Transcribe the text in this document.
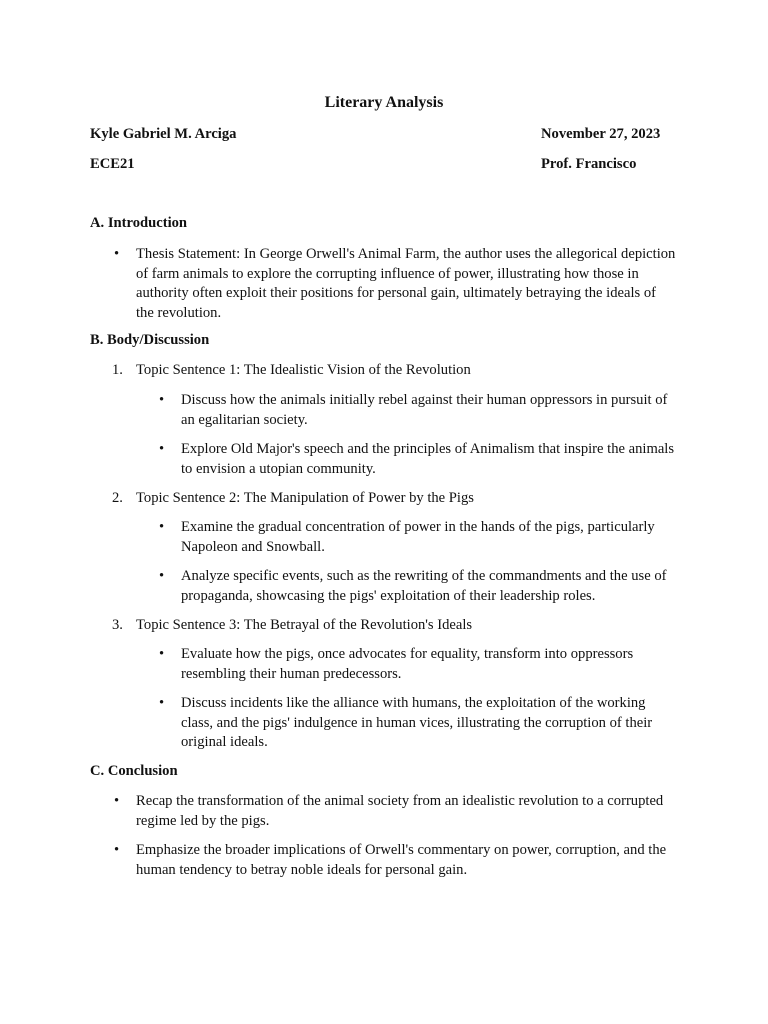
Literary Analysis
Kyle Gabriel M. Arciga	November 27, 2023
ECE21	Prof. Francisco
A. Introduction
• Thesis Statement: In George Orwell's Animal Farm, the author uses the allegorical depiction of farm animals to explore the corrupting influence of power, illustrating how those in authority often exploit their positions for personal gain, ultimately betraying the ideals of the revolution.
B. Body/Discussion
1. Topic Sentence 1: The Idealistic Vision of the Revolution
• Discuss how the animals initially rebel against their human oppressors in pursuit of an egalitarian society.
• Explore Old Major's speech and the principles of Animalism that inspire the animals to envision a utopian community.
2. Topic Sentence 2: The Manipulation of Power by the Pigs
• Examine the gradual concentration of power in the hands of the pigs, particularly Napoleon and Snowball.
• Analyze specific events, such as the rewriting of the commandments and the use of propaganda, showcasing the pigs' exploitation of their leadership roles.
3. Topic Sentence 3: The Betrayal of the Revolution's Ideals
• Evaluate how the pigs, once advocates for equality, transform into oppressors resembling their human predecessors.
• Discuss incidents like the alliance with humans, the exploitation of the working class, and the pigs' indulgence in human vices, illustrating the corruption of their original ideals.
C. Conclusion
• Recap the transformation of the animal society from an idealistic revolution to a corrupted regime led by the pigs.
• Emphasize the broader implications of Orwell's commentary on power, corruption, and the human tendency to betray noble ideals for personal gain.
